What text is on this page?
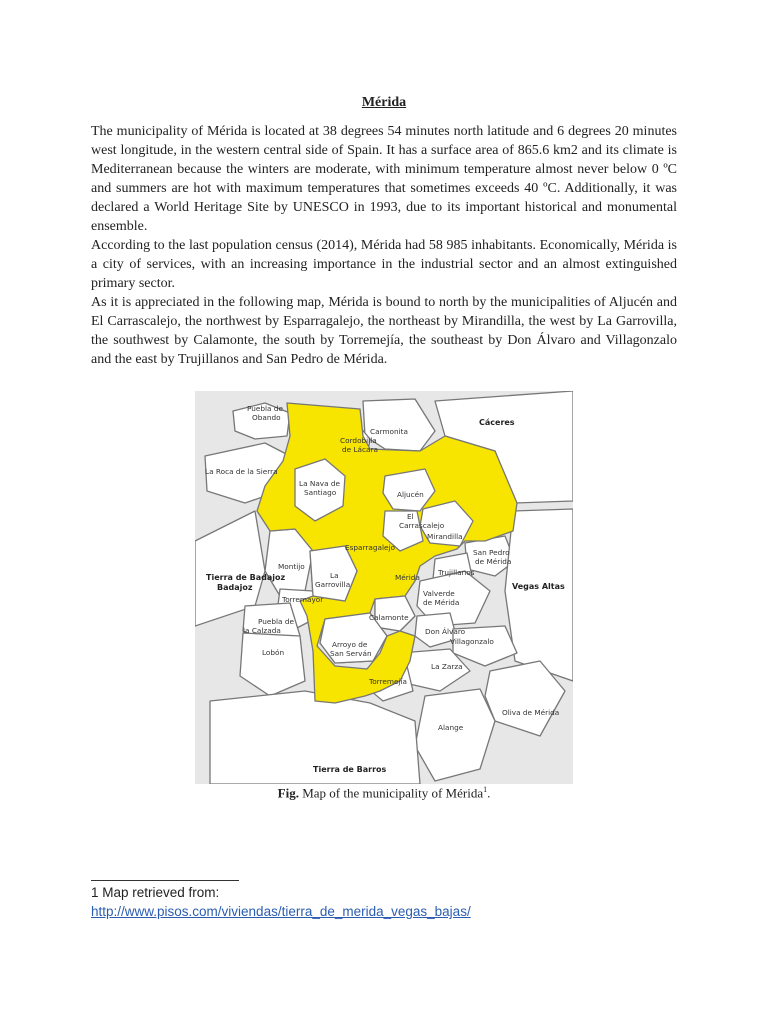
Mérida

The municipality of Mérida is located at 38 degrees 54 minutes north latitude and 6 degrees 20 minutes west longitude, in the western central side of Spain. It has a surface area of 865.6 km2 and its climate is Mediterranean because the winters are moderate, with minimum temperature almost never below 0 ºC and summers are hot with maximum temperatures that sometimes exceeds 40 ºC. Additionally, it was declared a World Heritage Site by UNESCO in 1993, due to its important historical and monumental ensemble.

According to the last population census (2014), Mérida had 58 985 inhabitants. Economically, Mérida is a city of services, with an increasing importance in the industrial sector and an almost extinguished primary sector.

As it is appreciated in the following map, Mérida is bound to north by the municipalities of Aljucén and El Carrascalejo, the northwest by Esparragalejo, the northeast by Mirandilla, the west by La Garrovilla, the southwest by Calamonte, the south by Torremejía, the southeast by Don Álvaro and Villagonzalo and the east by Trujillanos and San Pedro de Mérida.

Puebla de
Obando
Carmonita
Cáceres
Cordobilla
de Lácara
La Roca de la Sierra
La Nava de
Santiago	Aljucén
El
Carrascalejo
Mirandilla
Esparragalejo
San Pedro
de Mérida
Montijo
La
Garrovilla
Mérida
Trujillanos
Tierra de Badajoz
Badajoz	Vegas Altas
Valverde
de Mérida
Torremayor
Puebla de
la Calzada
Calamonte
Don Álvaro
Villagonzalo
Arroyo de
San Serván
Lobón
La Zarza
Torremejía
Oliva de Mérida
Alange
Tierra de Barros
Fig. Map of the municipality of Mérida$^1$.
1 Map retrieved from:
http://www.pisos.com/viviendas/tierra_de_merida_vegas_bajas/
